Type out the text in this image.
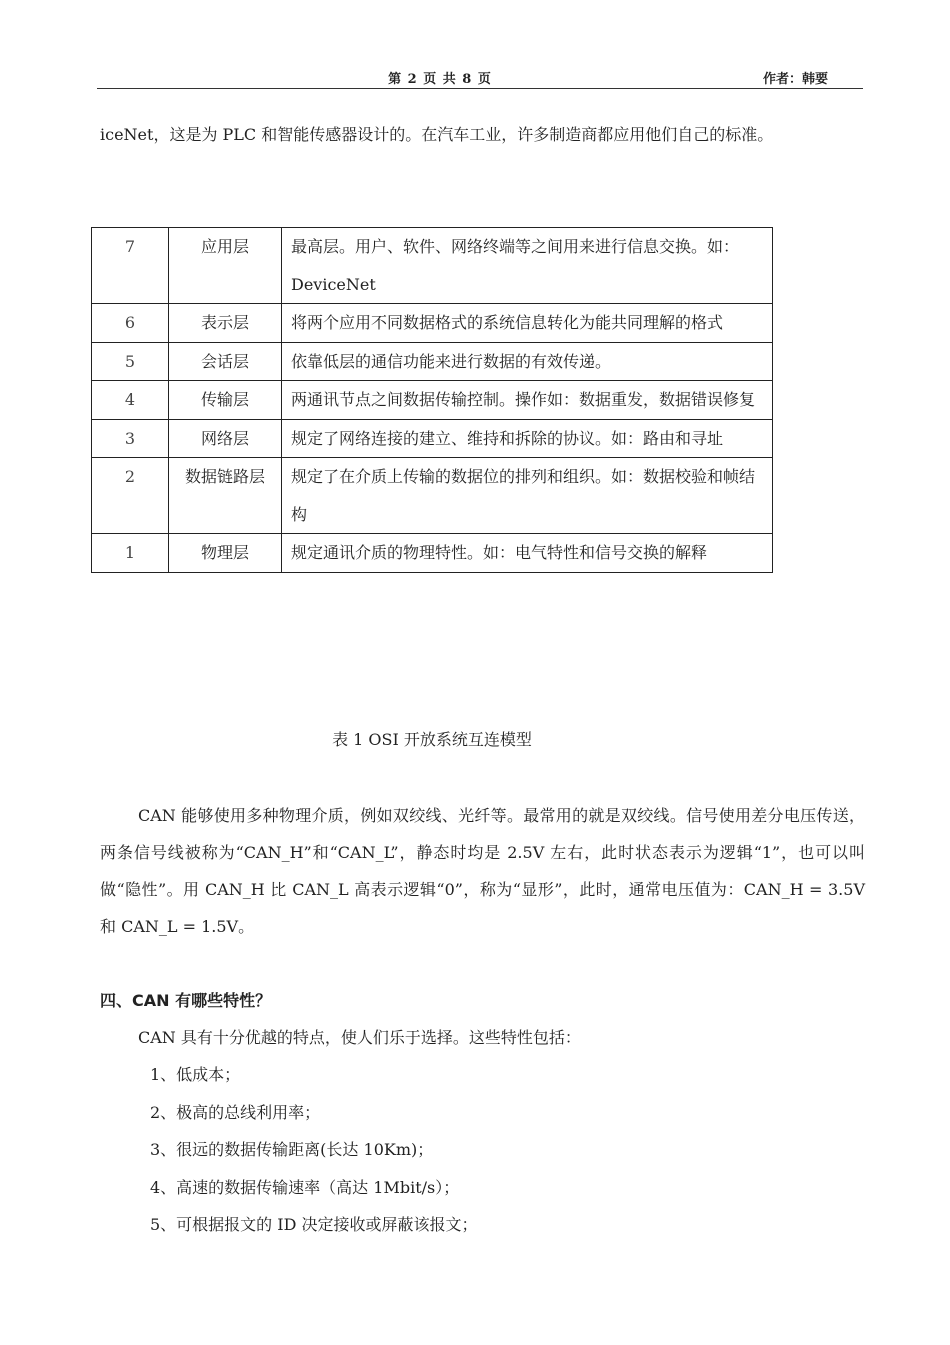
第 2 页 共 8 页	作者：韩要
iceNet，这是为 PLC 和智能传感器设计的。在汽车工业，许多制造商都应用他们自己的标准。
7	应用层	最高层。用户、软件、网络终端等之间用来进行信息交换。如：DeviceNet
6	表示层	将两个应用不同数据格式的系统信息转化为能共同理解的格式
5	会话层	依靠低层的通信功能来进行数据的有效传递。
4	传输层	两通讯节点之间数据传输控制。操作如：数据重发，数据错误修复
3	网络层	规定了网络连接的建立、维持和拆除的协议。如：路由和寻址
2	数据链路层	规定了在介质上传输的数据位的排列和组织。如：数据校验和帧结构
1	物理层	规定通讯介质的物理特性。如：电气特性和信号交换的解释
表 1 OSI 开放系统互连模型
CAN 能够使用多种物理介质，例如双绞线、光纤等。最常用的就是双绞线。信号使用差分电压传送，两条信号线被称为“CAN_H”和“CAN_L”，静态时均是 2.5V 左右，此时状态表示为逻辑“1”，也可以叫做“隐性”。用 CAN_H 比 CAN_L 高表示逻辑“0”，称为“显形”，此时，通常电压值为：CAN_H = 3.5V 和 CAN_L = 1.5V。
四、CAN 有哪些特性？
CAN 具有十分优越的特点，使人们乐于选择。这些特性包括：
1、低成本；
2、极高的总线利用率；
3、很远的数据传输距离(长达 10Km)；
4、高速的数据传输速率（高达 1Mbit/s）；
5、可根据报文的 ID 决定接收或屏蔽该报文；
